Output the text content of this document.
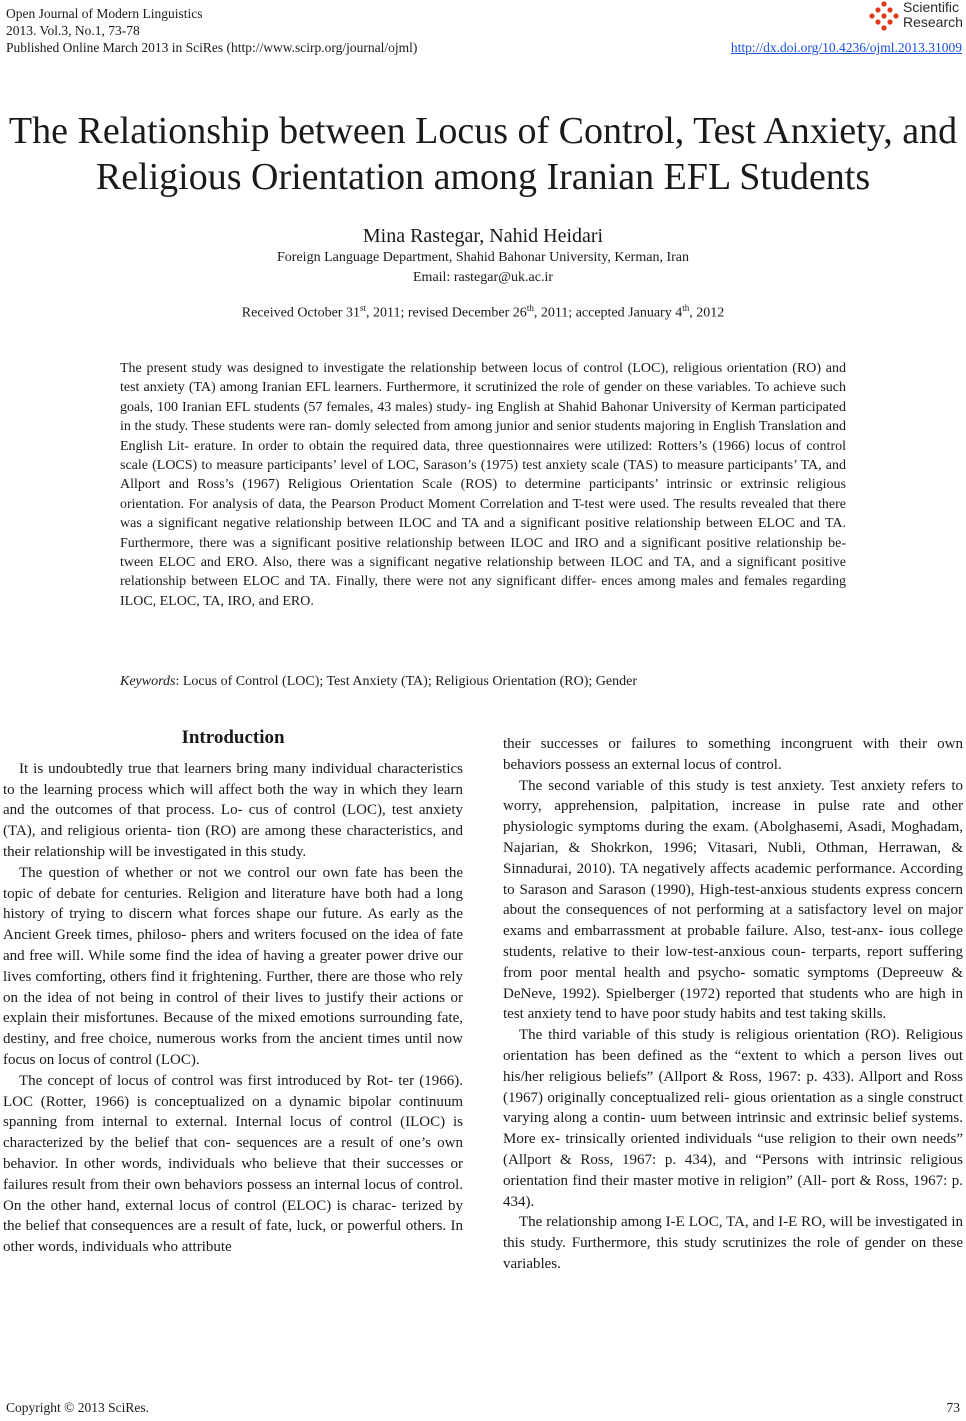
Open Journal of Modern Linguistics
2013. Vol.3, No.1, 73-78
Published Online March 2013 in SciRes (http://www.scirp.org/journal/ojml)
Scientific
Research
http://dx.doi.org/10.4236/ojml.2013.31009
The Relationship between Locus of Control, Test Anxiety, and
Religious Orientation among Iranian EFL Students
Mina Rastegar, Nahid Heidari
Foreign Language Department, Shahid Bahonar University, Kerman, Iran
Email: rastegar@uk.ac.ir
Received October 31st, 2011; revised December 26th, 2011; accepted January 4th, 2012
The present study was designed to investigate the relationship between locus of control (LOC), religious orientation (RO) and test anxiety (TA) among Iranian EFL learners. Furthermore, it scrutinized the role of gender on these variables. To achieve such goals, 100 Iranian EFL students (57 females, 43 males) study- ing English at Shahid Bahonar University of Kerman participated in the study. These students were ran- domly selected from among junior and senior students majoring in English Translation and English Lit- erature. In order to obtain the required data, three questionnaires were utilized: Rotters’s (1966) locus of control scale (LOCS) to measure participants’ level of LOC, Sarason’s (1975) test anxiety scale (TAS) to measure participants’ TA, and Allport and Ross’s (1967) Religious Orientation Scale (ROS) to determine participants’ intrinsic or extrinsic religious orientation. For analysis of data, the Pearson Product Moment Correlation and T-test were used. The results revealed that there was a significant negative relationship between ILOC and TA and a significant positive relationship between ELOC and TA. Furthermore, there was a significant positive relationship between ILOC and IRO and a significant positive relationship be- tween ELOC and ERO. Also, there was a significant negative relationship between ILOC and TA, and a significant positive relationship between ELOC and TA. Finally, there were not any significant differ- ences among males and females regarding ILOC, ELOC, TA, IRO, and ERO.
Keywords: Locus of Control (LOC); Test Anxiety (TA); Religious Orientation (RO); Gender
Introduction

It is undoubtedly true that learners bring many individual characteristics to the learning process which will affect both the way in which they learn and the outcomes of that process. Lo- cus of control (LOC), test anxiety (TA), and religious orienta- tion (RO) are among these characteristics, and their relationship will be investigated in this study.

The question of whether or not we control our own fate has been the topic of debate for centuries. Religion and literature have both had a long history of trying to discern what forces shape our future. As early as the Ancient Greek times, philoso- phers and writers focused on the idea of fate and free will. While some find the idea of having a greater power drive our lives comforting, others find it frightening. Further, there are those who rely on the idea of not being in control of their lives to justify their actions or explain their misfortunes. Because of the mixed emotions surrounding fate, destiny, and free choice, numerous works from the ancient times until now focus on locus of control (LOC).

The concept of locus of control was first introduced by Rot- ter (1966). LOC (Rotter, 1966) is conceptualized on a dynamic bipolar continuum spanning from internal to external. Internal locus of control (ILOC) is characterized by the belief that con- sequences are a result of one’s own behavior. In other words, individuals who believe that their successes or failures result from their own behaviors possess an internal locus of control. On the other hand, external locus of control (ELOC) is charac- terized by the belief that consequences are a result of fate, luck, or powerful others. In other words, individuals who attribute

their successes or failures to something incongruent with their own behaviors possess an external locus of control.

The second variable of this study is test anxiety. Test anxiety refers to worry, apprehension, palpitation, increase in pulse rate and other physiologic symptoms during the exam. (Abolghasemi, Asadi, Moghadam, Najarian, & Shokrkon, 1996; Vitasari, Nubli, Othman, Herrawan, & Sinnadurai, 2010). TA negatively affects academic performance. According to Sarason and Sarason (1990), High-test-anxious students express concern about the consequences of not performing at a satisfactory level on major exams and embarrassment at probable failure. Also, test-anx- ious college students, relative to their low-test-anxious coun- terparts, report suffering from poor mental health and psycho- somatic symptoms (Depreeuw & DeNeve, 1992). Spielberger (1972) reported that students who are high in test anxiety tend to have poor study habits and test taking skills.

The third variable of this study is religious orientation (RO). Religious orientation has been defined as the “extent to which a person lives out his/her religious beliefs” (Allport & Ross, 1967: p. 433). Allport and Ross (1967) originally conceptualized reli- gious orientation as a single construct varying along a contin- uum between intrinsic and extrinsic belief systems. More ex- trinsically oriented individuals “use religion to their own needs” (Allport & Ross, 1967: p. 434), and “Persons with intrinsic religious orientation find their master motive in religion” (All- port & Ross, 1967: p. 434).

The relationship among I-E LOC, TA, and I-E RO, will be investigated in this study. Furthermore, this study scrutinizes the role of gender on these variables.

Copyright © 2013 SciRes.	73
